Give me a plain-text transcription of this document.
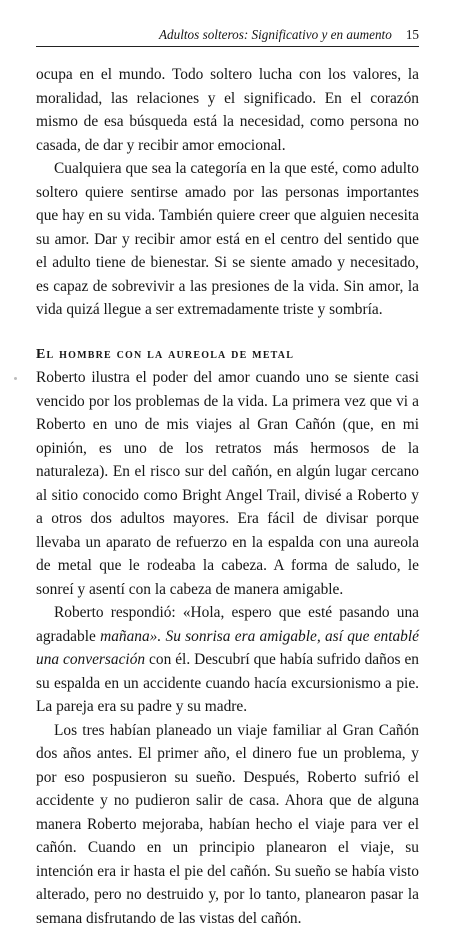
Adultos solteros: Significativo y en aumento 15

ocupa en el mundo. Todo soltero lucha con los valores, la moralidad, las relaciones y el significado. En el corazón mismo de esa búsqueda está la necesidad, como persona no casada, de dar y recibir amor emocional.

Cualquiera que sea la categoría en la que esté, como adulto soltero quiere sentirse amado por las personas importantes que hay en su vida. También quiere creer que alguien necesita su amor. Dar y recibir amor está en el centro del sentido que el adulto tiene de bienestar. Si se siente amado y necesitado, es capaz de sobrevivir a las presiones de la vida. Sin amor, la vida quizá llegue a ser extremadamente triste y sombría.

El hombre con la aureola de metal

Roberto ilustra el poder del amor cuando uno se siente casi vencido por los problemas de la vida. La primera vez que vi a Roberto en uno de mis viajes al Gran Cañón (que, en mi opinión, es uno de los retratos más hermosos de la naturaleza). En el risco sur del cañón, en algún lugar cercano al sitio conocido como Bright Angel Trail, divisé a Roberto y a otros dos adultos mayores. Era fácil de divisar porque llevaba un aparato de refuerzo en la espalda con una aureola de metal que le rodeaba la cabeza. A forma de saludo, le sonreí y asentí con la cabeza de manera amigable.

Roberto respondió: «Hola, espero que esté pasando una agradable mañana». Su sonrisa era amigable, así que entablé una conversación con él. Descubrí que había sufrido daños en su espalda en un accidente cuando hacía excursionismo a pie. La pareja era su padre y su madre.

Los tres habían planeado un viaje familiar al Gran Cañón dos años antes. El primer año, el dinero fue un problema, y por eso pospusieron su sueño. Después, Roberto sufrió el accidente y no pudieron salir de casa. Ahora que de alguna manera Roberto mejoraba, habían hecho el viaje para ver el cañón. Cuando en un principio planearon el viaje, su intención era ir hasta el pie del cañón. Su sueño se había visto alterado, pero no destruido y, por lo tanto, planearon pasar la semana disfrutando de las vistas del cañón.
